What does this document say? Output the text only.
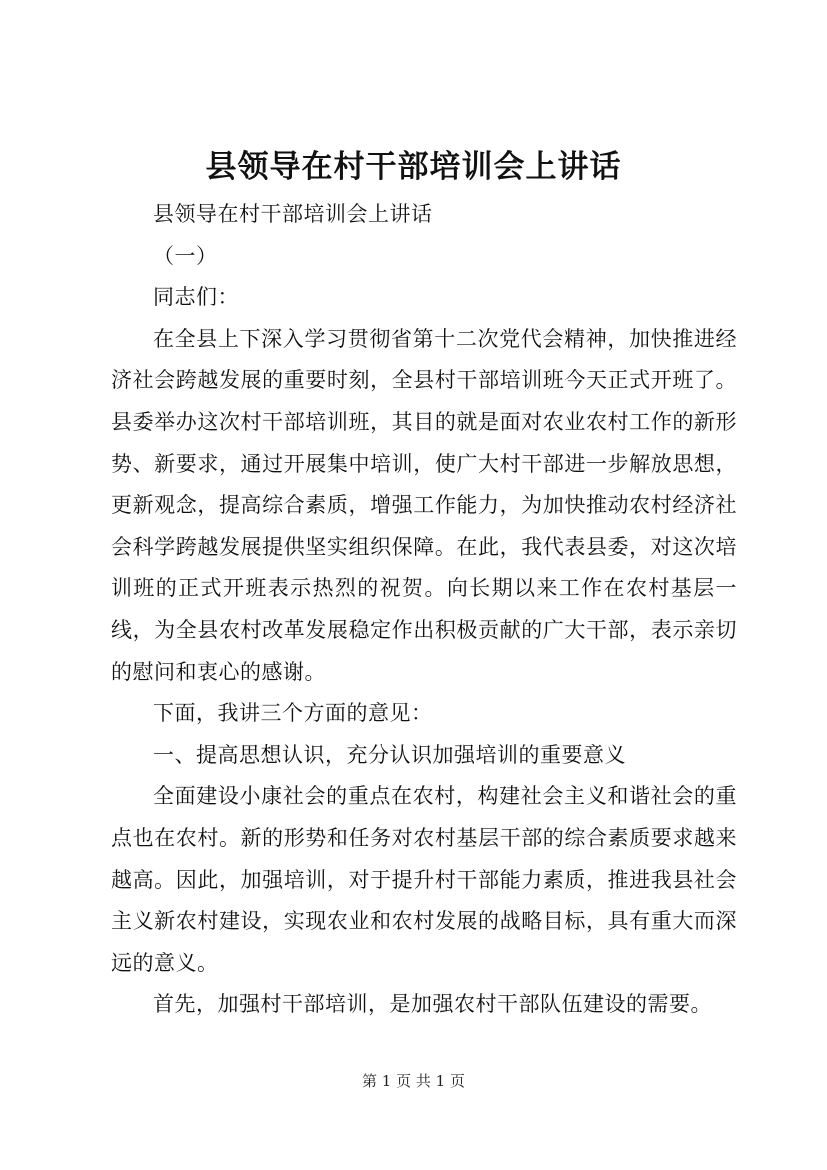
县领导在村干部培训会上讲话

县领导在村干部培训会上讲话

（一）

同志们：

在全县上下深入学习贯彻省第十二次党代会精神，加快推进经济社会跨越发展的重要时刻，全县村干部培训班今天正式开班了。县委举办这次村干部培训班，其目的就是面对农业农村工作的新形势、新要求，通过开展集中培训，使广大村干部进一步解放思想，更新观念，提高综合素质，增强工作能力，为加快推动农村经济社会科学跨越发展提供坚实组织保障。在此，我代表县委，对这次培训班的正式开班表示热烈的祝贺。向长期以来工作在农村基层一线，为全县农村改革发展稳定作出积极贡献的广大干部，表示亲切的慰问和衷心的感谢。

下面，我讲三个方面的意见：

一、提高思想认识，充分认识加强培训的重要意义

全面建设小康社会的重点在农村，构建社会主义和谐社会的重点也在农村。新的形势和任务对农村基层干部的综合素质要求越来越高。因此，加强培训，对于提升村干部能力素质，推进我县社会主义新农村建设，实现农业和农村发展的战略目标，具有重大而深远的意义。

首先，加强村干部培训，是加强农村干部队伍建设的需要。

第 1 页 共 1 页
